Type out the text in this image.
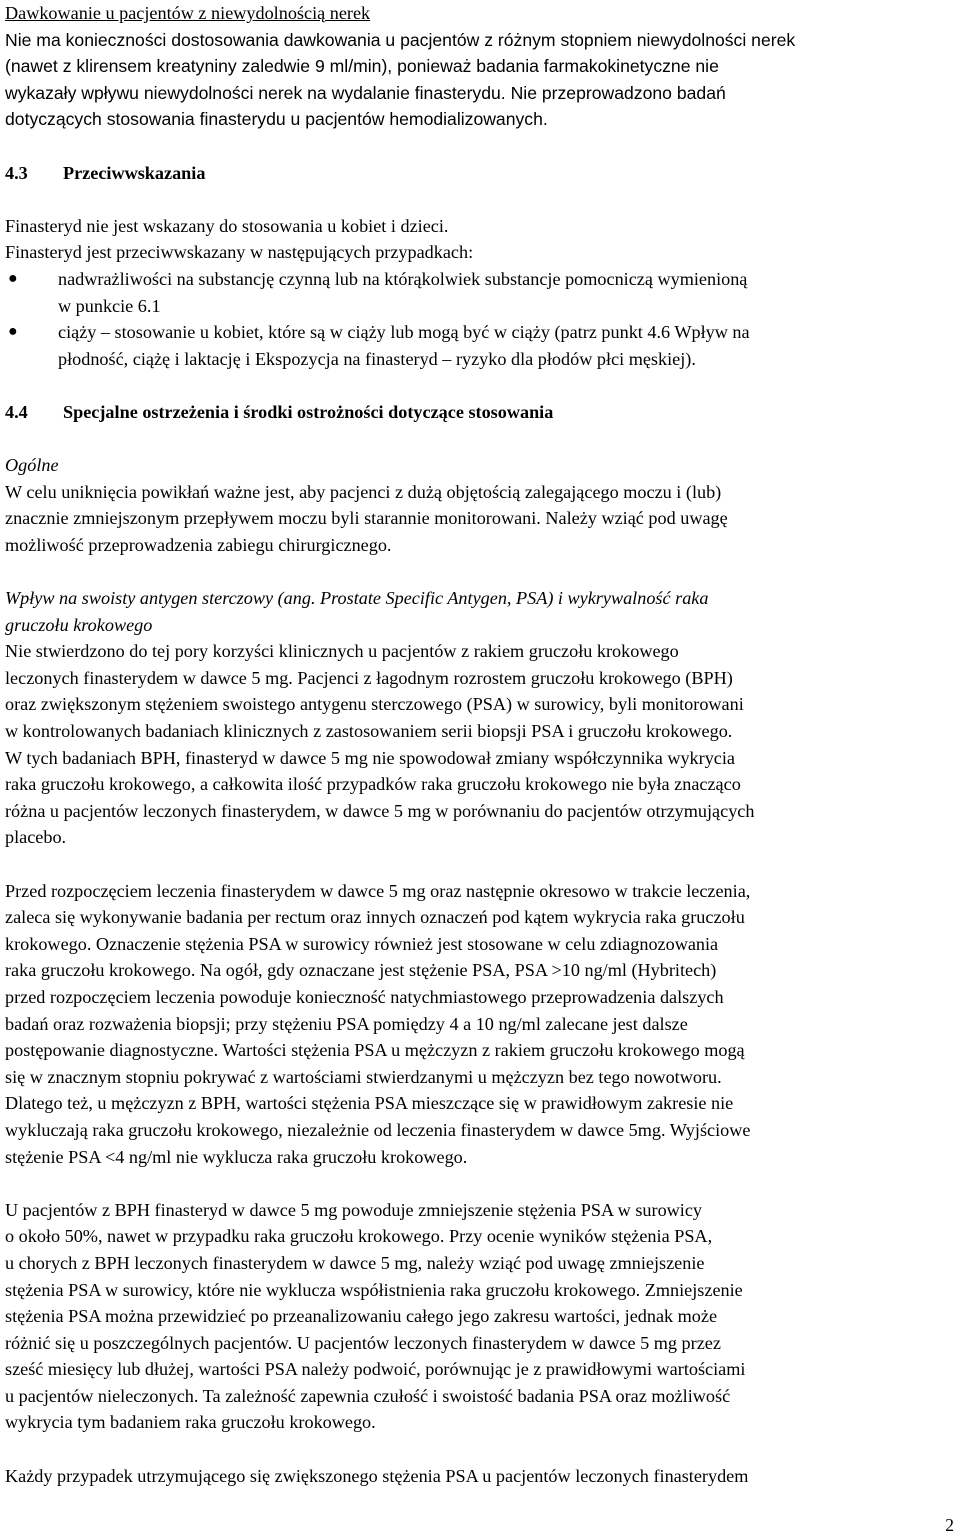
Dawkowanie u pacjentów z niewydolnością nerek

Nie ma konieczności dostosowania dawkowania u pacjentów z różnym stopniem niewydolności nerek

(nawet z klirensem kreatyniny zaledwie 9 ml/min), ponieważ badania farmakokinetyczne nie

wykazały wpływu niewydolności nerek na wydalanie finasterydu. Nie przeprowadzono badań

dotyczących stosowania finasterydu u pacjentów hemodializowanych.

4.3 Przeciwwskazania

Finasteryd nie jest wskazany do stosowania u kobiet i dzieci.

Finasteryd jest przeciwwskazany w następujących przypadkach:

● nadwrażliwości na substancję czynną lub na którąkolwiek substancje pomocniczą wymienioną

w punkcie 6.1

● ciąży – stosowanie u kobiet, które są w ciąży lub mogą być w ciąży (patrz punkt 4.6 Wpływ na

płodność, ciążę i laktację i Ekspozycja na finasteryd – ryzyko dla płodów płci męskiej).

4.4 Specjalne ostrzeżenia i środki ostrożności dotyczące stosowania

Ogólne

W celu uniknięcia powikłań ważne jest, aby pacjenci z dużą objętością zalegającego moczu i (lub)

znacznie zmniejszonym przepływem moczu byli starannie monitorowani. Należy wziąć pod uwagę

możliwość przeprowadzenia zabiegu chirurgicznego.

Wpływ na swoisty antygen sterczowy (ang. Prostate Specific Antygen, PSA) i wykrywalność raka

gruczołu krokowego

Nie stwierdzono do tej pory korzyści klinicznych u pacjentów z rakiem gruczołu krokowego

leczonych finasterydem w dawce 5 mg. Pacjenci z łagodnym rozrostem gruczołu krokowego (BPH)

oraz zwiększonym stężeniem swoistego antygenu sterczowego (PSA) w surowicy, byli monitorowani

w kontrolowanych badaniach klinicznych z zastosowaniem serii biopsji PSA i gruczołu krokowego.

W tych badaniach BPH, finasteryd w dawce 5 mg nie spowodował zmiany współczynnika wykrycia

raka gruczołu krokowego, a całkowita ilość przypadków raka gruczołu krokowego nie była znacząco

różna u pacjentów leczonych finasterydem, w dawce 5 mg w porównaniu do pacjentów otrzymujących

placebo.

Przed rozpoczęciem leczenia finasterydem w dawce 5 mg oraz następnie okresowo w trakcie leczenia,

zaleca się wykonywanie badania per rectum oraz innych oznaczeń pod kątem wykrycia raka gruczołu

krokowego. Oznaczenie stężenia PSA w surowicy również jest stosowane w celu zdiagnozowania

raka gruczołu krokowego. Na ogół, gdy oznaczane jest stężenie PSA, PSA >10 ng/ml (Hybritech)

przed rozpoczęciem leczenia powoduje konieczność natychmiastowego przeprowadzenia dalszych

badań oraz rozważenia biopsji; przy stężeniu PSA pomiędzy 4 a 10 ng/ml zalecane jest dalsze

postępowanie diagnostyczne. Wartości stężenia PSA u mężczyzn z rakiem gruczołu krokowego mogą

się w znacznym stopniu pokrywać z wartościami stwierdzanymi u mężczyzn bez tego nowotworu.

Dlatego też, u mężczyzn z BPH, wartości stężenia PSA mieszczące się w prawidłowym zakresie nie

wykluczają raka gruczołu krokowego, niezależnie od leczenia finasterydem w dawce 5mg. Wyjściowe

stężenie PSA <4 ng/ml nie wyklucza raka gruczołu krokowego.

U pacjentów z BPH finasteryd w dawce 5 mg powoduje zmniejszenie stężenia PSA w surowicy

o około 50%, nawet w przypadku raka gruczołu krokowego. Przy ocenie wyników stężenia PSA,

u chorych z BPH leczonych finasterydem w dawce 5 mg, należy wziąć pod uwagę zmniejszenie

stężenia PSA w surowicy, które nie wyklucza współistnienia raka gruczołu krokowego. Zmniejszenie

stężenia PSA można przewidzieć po przeanalizowaniu całego jego zakresu wartości, jednak może

różnić się u poszczególnych pacjentów. U pacjentów leczonych finasterydem w dawce 5 mg przez

sześć miesięcy lub dłużej, wartości PSA należy podwoić, porównując je z prawidłowymi wartościami

u pacjentów nieleczonych. Ta zależność zapewnia czułość i swoistość badania PSA oraz możliwość

wykrycia tym badaniem raka gruczołu krokowego.

Każdy przypadek utrzymującego się zwiększonego stężenia PSA u pacjentów leczonych finasterydem

2
